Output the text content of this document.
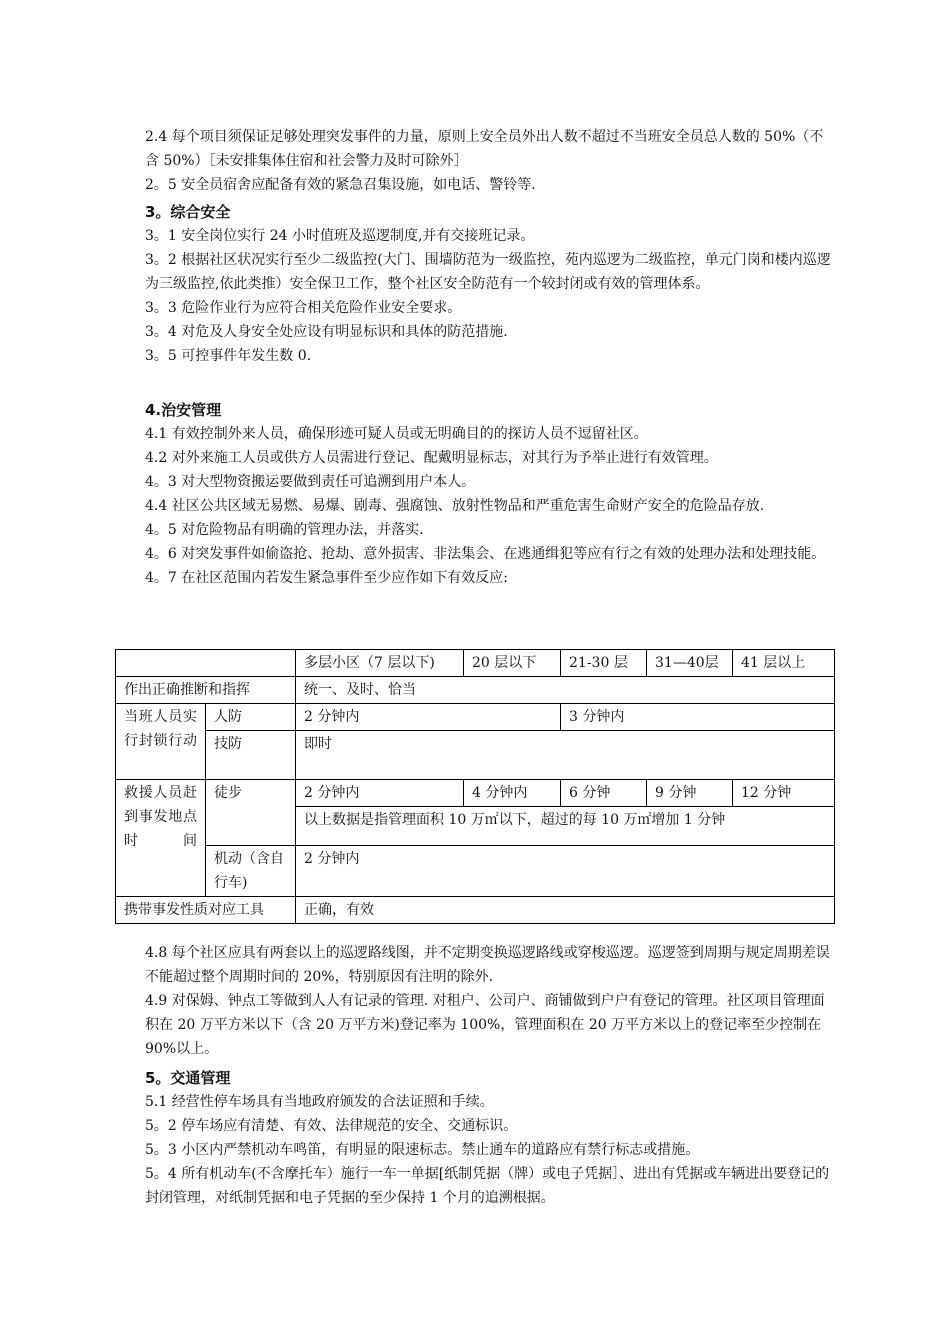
2.4 每个项目须保证足够处理突发事件的力量，原则上安全员外出人数不超过不当班安全员总人数的 50%（不含 50%）［未安排集体住宿和社会警力及时可除外］

2。5 安全员宿舍应配备有效的紧急召集设施，如电话、警铃等.

3。综合安全

3。1 安全岗位实行 24 小时值班及巡逻制度,并有交接班记录。

3。2 根据社区状况实行至少二级监控(大门、围墙防范为一级监控，苑内巡逻为二级监控，单元门岗和楼内巡逻为三级监控,依此类推）安全保卫工作，整个社区安全防范有一个较封闭或有效的管理体系。

3。3 危险作业行为应符合相关危险作业安全要求。

3。4 对危及人身安全处应设有明显标识和具体的防范措施.

3。5 可控事件年发生数 0.

4.治安管理

4.1 有效控制外来人员，确保形迹可疑人员或无明确目的的探访人员不逗留社区。

4.2 对外来施工人员或供方人员需进行登记、配戴明显标志，对其行为予举止进行有效管理。

4。3 对大型物资搬运要做到责任可追溯到用户本人。

4.4 社区公共区域无易燃、易爆、剧毒、强腐蚀、放射性物品和严重危害生命财产安全的危险品存放.

4。5 对危险物品有明确的管理办法，并落实.

4。6 对突发事件如偷盗抢、抢劫、意外损害、非法集会、在逃通缉犯等应有行之有效的处理办法和处理技能。

4。7 在社区范围内若发生紧急事件至少应作如下有效反应:

		多层小区（7 层以下)	20 层以下	21-30 层	31—40层	41 层以上
作出正确推断和指挥		统一、及时、恰当				
当班人员实行封锁行动	人防	2 分钟内		3 分钟内		
	技防	即时				
救援人员赶到事发地点时间	徒步	2 分钟内	4 分钟内	6 分钟	9 分钟	12 分钟
		以上数据是指管理面积 10 万㎡以下，超过的每 10 万㎡增加 1 分钟				
	机动（含自行车)	2 分钟内				
携带事发性质对应工具		正确，有效				

4.8 每个社区应具有两套以上的巡逻路线图，并不定期变换巡逻路线或穿梭巡逻。巡逻签到周期与规定周期差误不能超过整个周期时间的 20%，特别原因有注明的除外.

4.9 对保姆、钟点工等做到人人有记录的管理. 对租户、公司户、商铺做到户户有登记的管理。社区项目管理面积在 20 万平方米以下（含 20 万平方米)登记率为 100%，管理面积在 20 万平方米以上的登记率至少控制在 90%以上。

5。交通管理

5.1 经营性停车场具有当地政府颁发的合法证照和手续。

5。2 停车场应有清楚、有效、法律规范的安全、交通标识。

5。3 小区内严禁机动车鸣笛，有明显的限速标志。禁止通车的道路应有禁行标志或措施。

5。4 所有机动车(不含摩托车）施行一车一单据[纸制凭据（牌）或电子凭据］、进出有凭据或车辆进出要登记的封闭管理，对纸制凭据和电子凭据的至少保持 1 个月的追溯根据。
